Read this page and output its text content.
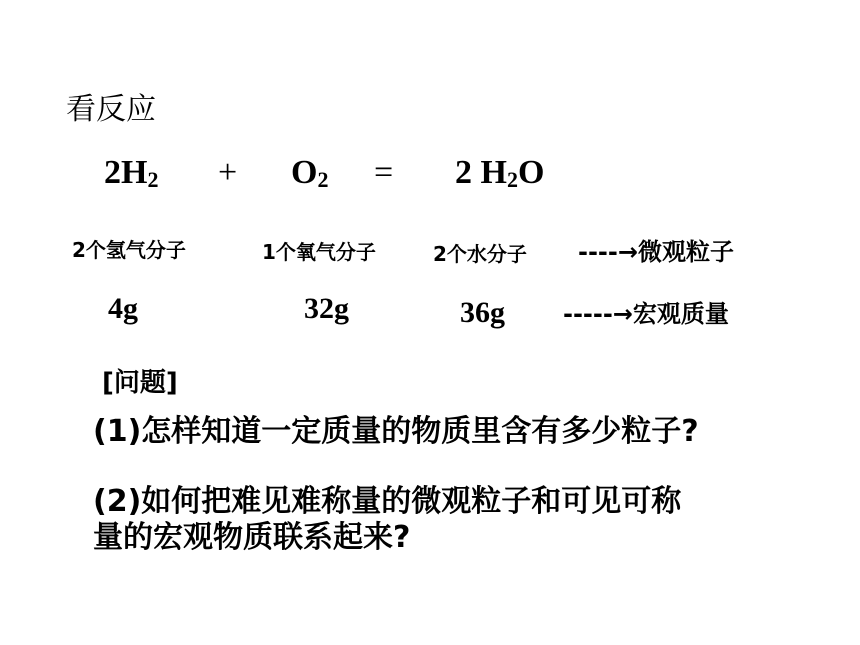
看反应
$2H_2 + O_2 = 2$ $H_2O$
2个氢气分子	1个氧气分子	2个水分子 ----→微观粒子
4g	32g	36g -----→宏观质量
[问题]
(1)怎样知道一定质量的物质里含有多少粒子?
(2)如何把难见难称量的微观粒子和可见可称
量的宏观物质联系起来?
